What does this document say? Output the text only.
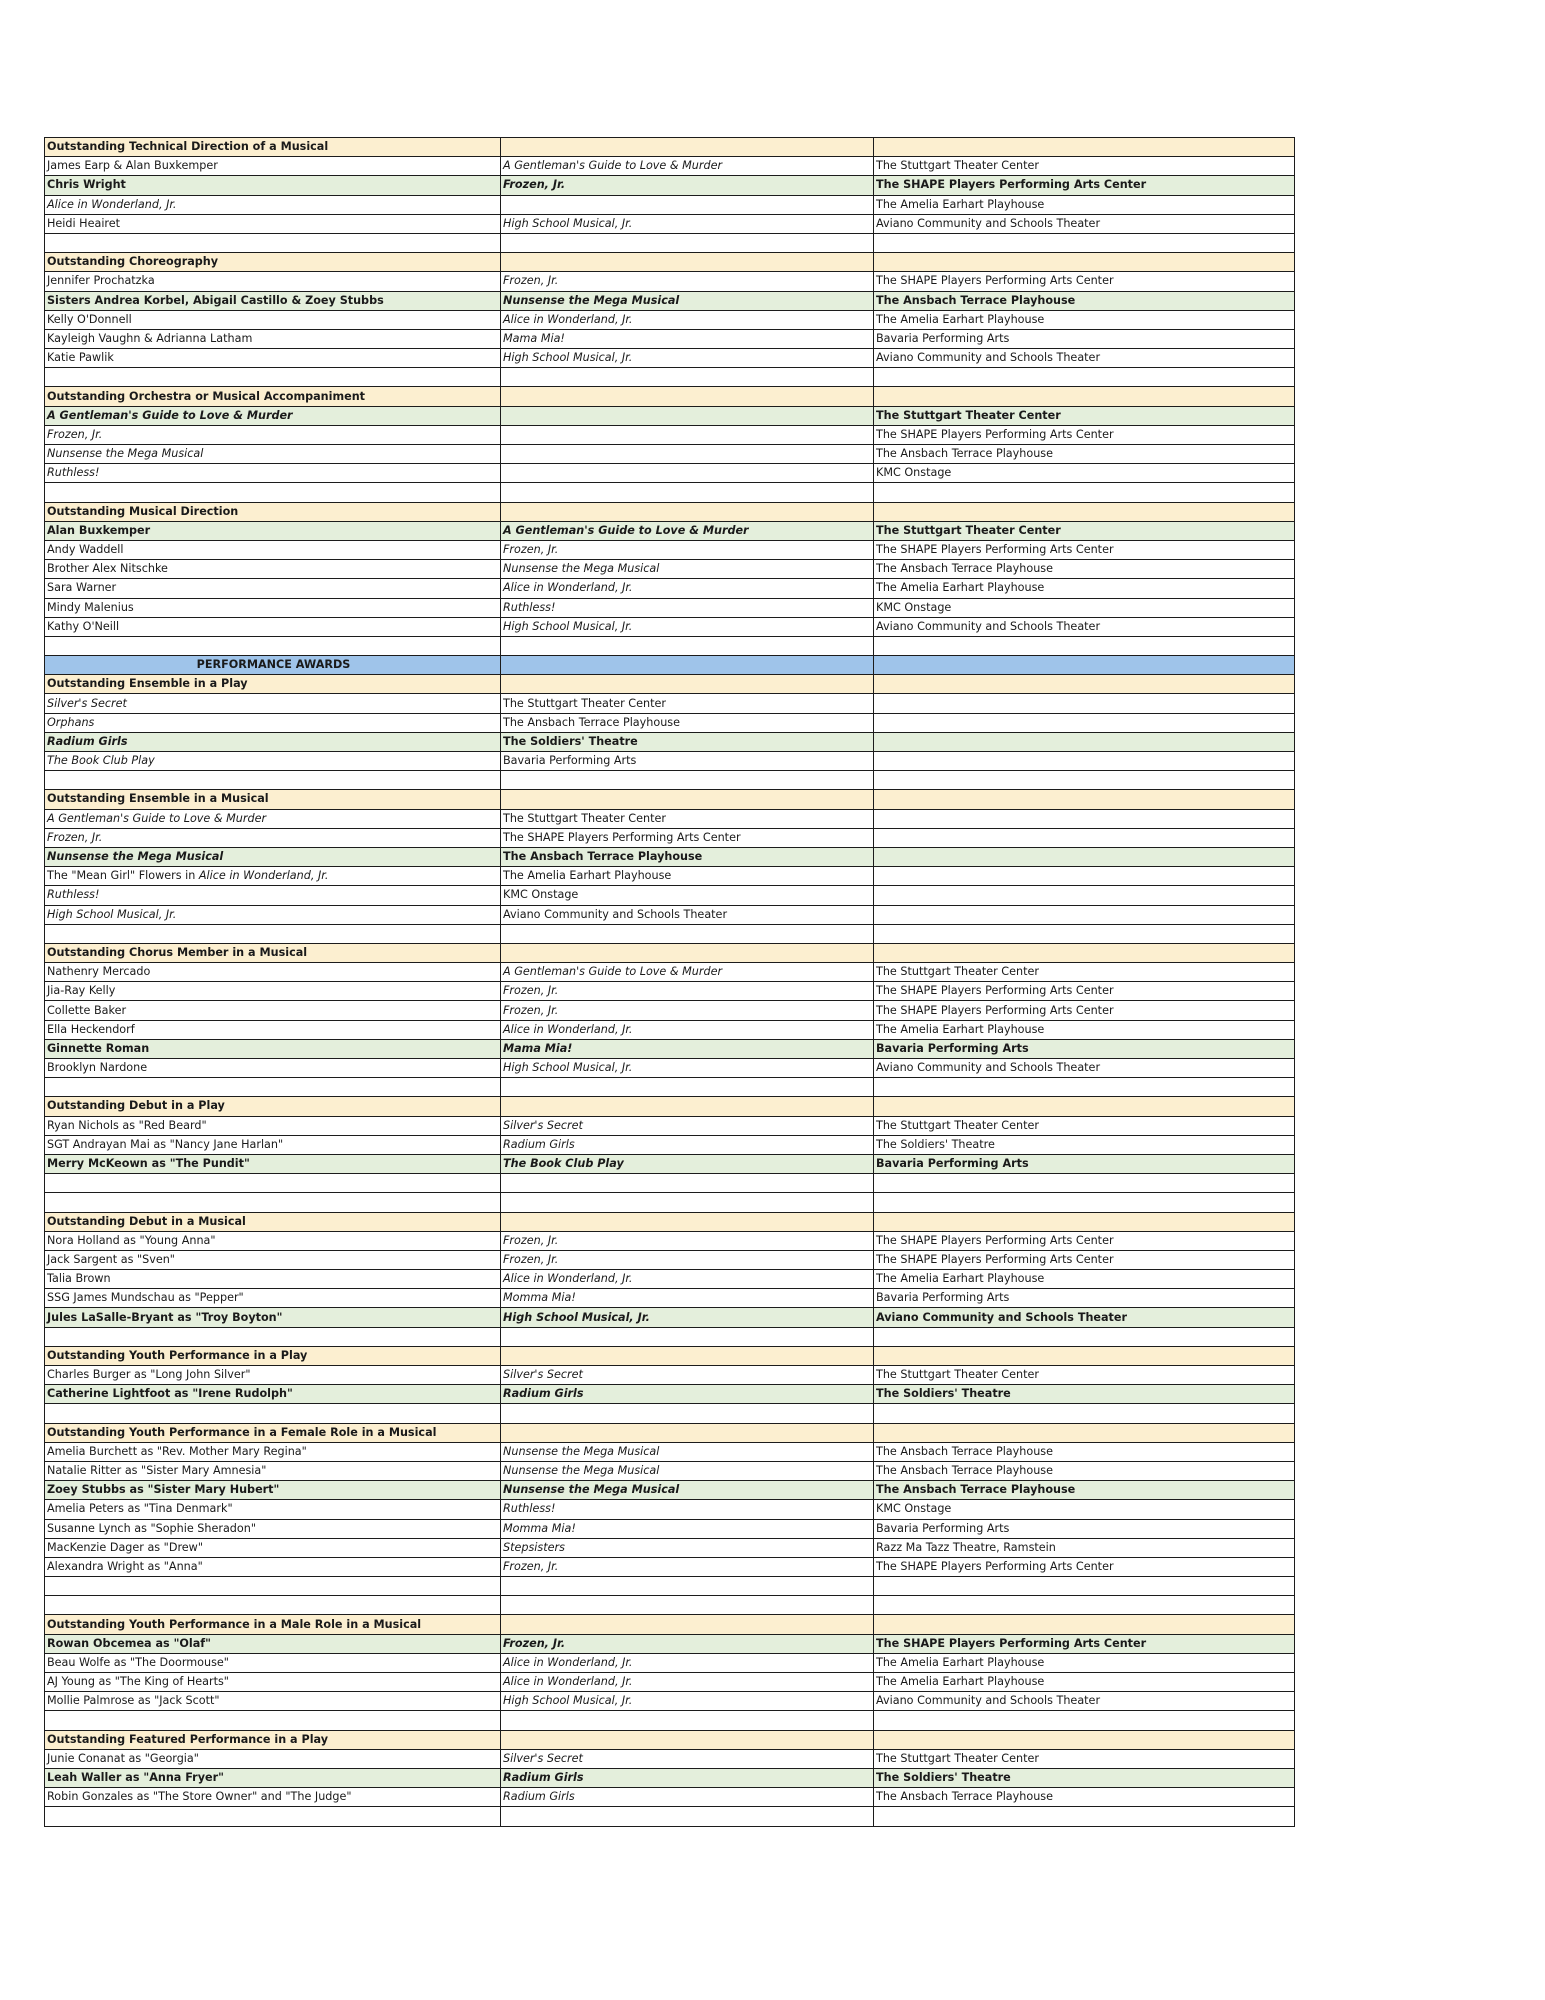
Outstanding Technical Direction of a Musical		
James Earp & Alan Buxkemper	A Gentleman's Guide to Love & Murder	The Stuttgart Theater Center
Chris Wright	Frozen, Jr.	The SHAPE Players Performing Arts Center
Alice in Wonderland, Jr.		The Amelia Earhart Playhouse
Heidi Heairet	High School Musical, Jr.	Aviano Community and Schools Theater

Outstanding Choreography		
Jennifer Prochatzka	Frozen, Jr.	The SHAPE Players Performing Arts Center
Sisters Andrea Korbel, Abigail Castillo & Zoey Stubbs	Nunsense the Mega Musical	The Ansbach Terrace Playhouse
Kelly O'Donnell	Alice in Wonderland, Jr.	The Amelia Earhart Playhouse
Kayleigh Vaughn & Adrianna Latham	Mama Mia!	Bavaria Performing Arts
Katie Pawlik	High School Musical, Jr.	Aviano Community and Schools Theater

Outstanding Orchestra or Musical Accompaniment		
A Gentleman's Guide to Love & Murder		The Stuttgart Theater Center
Frozen, Jr.		The SHAPE Players Performing Arts Center
Nunsense the Mega Musical		The Ansbach Terrace Playhouse
Ruthless!		KMC Onstage

Outstanding Musical Direction		
Alan Buxkemper	A Gentleman's Guide to Love & Murder	The Stuttgart Theater Center
Andy Waddell	Frozen, Jr.	The SHAPE Players Performing Arts Center
Brother Alex Nitschke	Nunsense the Mega Musical	The Ansbach Terrace Playhouse
Sara Warner	Alice in Wonderland, Jr.	The Amelia Earhart Playhouse
Mindy Malenius	Ruthless!	KMC Onstage
Kathy O'Neill	High School Musical, Jr.	Aviano Community and Schools Theater

PERFORMANCE AWARDS		
Outstanding Ensemble in a Play		
Silver's Secret	The Stuttgart Theater Center	
Orphans	The Ansbach Terrace Playhouse	
Radium Girls	The Soldiers' Theatre	
The Book Club Play	Bavaria Performing Arts	

Outstanding Ensemble in a Musical		
A Gentleman's Guide to Love & Murder	The Stuttgart Theater Center	
Frozen, Jr.	The SHAPE Players Performing Arts Center	
Nunsense the Mega Musical	The Ansbach Terrace Playhouse	
The "Mean Girl" Flowers in Alice in Wonderland, Jr.	The Amelia Earhart Playhouse	
Ruthless!	KMC Onstage	
High School Musical, Jr.	Aviano Community and Schools Theater	

Outstanding Chorus Member in a Musical		
Nathenry Mercado	A Gentleman's Guide to Love & Murder	The Stuttgart Theater Center
Jia-Ray Kelly	Frozen, Jr.	The SHAPE Players Performing Arts Center
Collette Baker	Frozen, Jr.	The SHAPE Players Performing Arts Center
Ella Heckendorf	Alice in Wonderland, Jr.	The Amelia Earhart Playhouse
Ginnette Roman	Mama Mia!	Bavaria Performing Arts
Brooklyn Nardone	High School Musical, Jr.	Aviano Community and Schools Theater

Outstanding Debut in a Play		
Ryan Nichols as "Red Beard"	Silver's Secret	The Stuttgart Theater Center
SGT Andrayan Mai as "Nancy Jane Harlan"	Radium Girls	The Soldiers' Theatre
Merry McKeown as "The Pundit"	The Book Club Play	Bavaria Performing Arts

Outstanding Debut in a Musical		
Nora Holland as "Young Anna"	Frozen, Jr.	The SHAPE Players Performing Arts Center
Jack Sargent as "Sven"	Frozen, Jr.	The SHAPE Players Performing Arts Center
Talia Brown	Alice in Wonderland, Jr.	The Amelia Earhart Playhouse
SSG James Mundschau as "Pepper"	Momma Mia!	Bavaria Performing Arts
Jules LaSalle-Bryant as "Troy Boyton"	High School Musical, Jr.	Aviano Community and Schools Theater

Outstanding Youth Performance in a Play		
Charles Burger as "Long John Silver"	Silver's Secret	The Stuttgart Theater Center
Catherine Lightfoot as "Irene Rudolph"	Radium Girls	The Soldiers' Theatre

Outstanding Youth Performance in a Female Role in a Musical		
Amelia Burchett as "Rev. Mother Mary Regina"	Nunsense the Mega Musical	The Ansbach Terrace Playhouse
Natalie Ritter as "Sister Mary Amnesia"	Nunsense the Mega Musical	The Ansbach Terrace Playhouse
Zoey Stubbs as "Sister Mary Hubert"	Nunsense the Mega Musical	The Ansbach Terrace Playhouse
Amelia Peters as "Tina Denmark"	Ruthless!	KMC Onstage
Susanne Lynch as "Sophie Sheradon"	Momma Mia!	Bavaria Performing Arts
MacKenzie Dager as "Drew"	Stepsisters	Razz Ma Tazz Theatre, Ramstein
Alexandra Wright as "Anna"	Frozen, Jr.	The SHAPE Players Performing Arts Center

Outstanding Youth Performance in a Male Role in a Musical		
Rowan Obcemea as "Olaf"	Frozen, Jr.	The SHAPE Players Performing Arts Center
Beau Wolfe as "The Doormouse"	Alice in Wonderland, Jr.	The Amelia Earhart Playhouse
AJ Young as "The King of Hearts"	Alice in Wonderland, Jr.	The Amelia Earhart Playhouse
Mollie Palmrose as "Jack Scott"	High School Musical, Jr.	Aviano Community and Schools Theater

Outstanding Featured Performance in a Play		
Junie Conanat as "Georgia"	Silver's Secret	The Stuttgart Theater Center
Leah Waller as "Anna Fryer"	Radium Girls	The Soldiers' Theatre
Robin Gonzales as "The Store Owner" and "The Judge"	Radium Girls	The Ansbach Terrace Playhouse
